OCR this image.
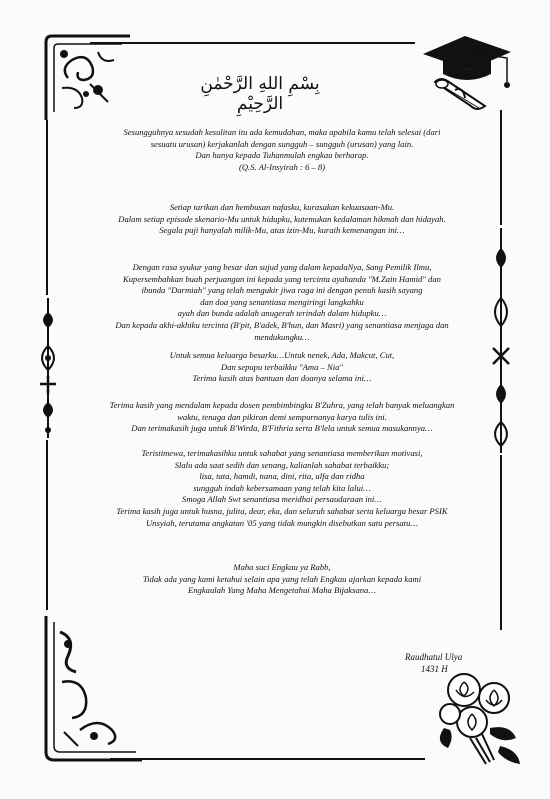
بِسْمِ اللهِ الرَّحْمٰنِ الرَّحِيْمِ
Sesungguhnya sesudah kesulitan itu ada kemudahan, maka apabila kamu telah selesai (dari
sesuatu urusan) kerjakanlah dengan sungguh – sungguh (urusan) yang lain.
Dan hanya kepada Tuhanmulah engkau berharap.
(Q.S. Al-Insyirah : 6 – 8)
Setiap tarikan dan hembusan nafasku, kurasakan kekuasaan-Mu.
Dalam setiap episode skenario-Mu untuk hidupku, kutemukan kedalaman hikmah dan hidayah.
Segala puji hanyalah milik-Mu, atas izin-Mu, kuraih kemenangan ini…
Dengan rasa syukur yang besar dan sujud yang dalam kepadaNya, Sang Pemilik Ilmu,
Kupersembahkan buah perjuangan ini kepada yang tercinta ayahanda "M.Zain Hamid" dan
ibunda "Darmiah" yang telah mengukir jiwa raga ini dengan penuh kasih sayang
dan doa yang senantiasa mengiringi langkahku
ayah dan bunda adalah anugerah terindah dalam hidupku…
Dan kepada akhi-akhiku tercinta (B'pit, B'adek, B'hun, dan Masri) yang senantiasa menjaga dan
mendukungku…
Untuk semua keluarga besarku…Untuk nenek, Ada, Makcut, Cut,
Dan sepupu terbaikku "Ama – Nia"
Terima kasih atas bantuan dan doanya selama ini…
Terima kasih yang mendalam kepada dosen pembimbingku B'Zuhra, yang telah banyak meluangkan
waktu, tenaga dan pikiran demi sempurnanya karya tulis ini.
Dan terimakasih juga untuk B'Wirda, B'Fithria serta B'lela untuk semua masukannya…
Teristimewa, terimakasihku untuk sahabat yang senantiasa memberikan motivasi,
Slalu ada saat sedih dan senang, kalianlah sahabat terbaikku;
lisa, tata, hamdi, nana, dini, rita, ulfa dan ridha
sungguh indah kebersamaan yang telah kita lalui…
Smoga Allah Swt senantiasa meridhai persaudaraan ini…
Terima kasih juga untuk husna, julita, dear, eka, dan seluruh sahabat serta keluarga besar PSIK
Unsyiah, terutama angkatan '05 yang tidak mungkin disebutkan satu persatu…
Maha suci Engkau ya Rabb,
Tidak ada yang kami ketahui selain apa yang telah Engkau ajarkan kepada kami
Engkaulah Yang Maha Mengetahui Maha Bijaksana…
Raudhatul Ulya
1431 H
